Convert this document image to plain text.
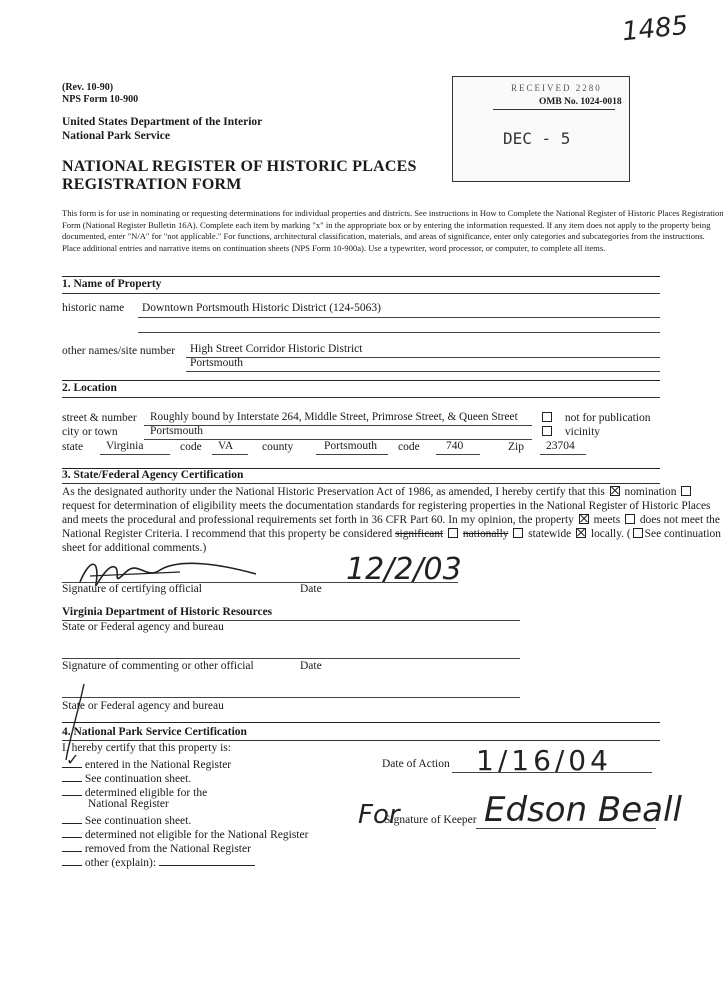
1485
(Rev. 10-90)
NPS Form 10-900
United States Department of the Interior
National Park Service
NATIONAL REGISTER OF HISTORIC PLACES
REGISTRATION FORM
RECEIVED 2280
OMB No. 1024-0018
DEC - 5
This form is for use in nominating or requesting determinations for individual properties and districts. See instructions in How to Complete the National Register of Historic Places Registration Form (National Register Bulletin 16A). Complete each item by marking "x" in the appropriate box or by entering the information requested. If any item does not apply to the property being documented, enter "N/A" for "not applicable." For functions, architectural classification, materials, and areas of significance, enter only categories and subcategories from the instructions. Place additional entries and narrative items on continuation sheets (NPS Form 10-900a). Use a typewriter, word processor, or computer, to complete all items.
1. Name of Property
historic name Downtown Portsmouth Historic District (124-5063)
other names/site number High Street Corridor Historic District
Portsmouth
2. Location
street & number Roughly bound by Interstate 264, Middle Street, Primrose Street, & Queen Street	not for publication
city or town	Portsmouth	vicinity
state Virginia	code VA	county	Portsmouth code 740	Zip 23704
3. State/Federal Agency Certification
As the designated authority under the National Historic Preservation Act of 1986, as amended, I hereby certify that this nomination  request for determination of eligibility meets the documentation standards for registering properties in the National Register of Historic Places and meets the procedural and professional requirements set forth in 36 CFR Part 60. In my opinion, the property meets does not meet the National Register Criteria. I recommend that this property be considered significant nationally statewide locally. ( See continuation sheet for additional comments.)
12/2/03
Signature of certifying official	Date
Virginia Department of Historic Resources
State or Federal agency and bureau
Signature of commenting or other official	Date
State or Federal agency and bureau
4. National Park Service Certification
I, hereby certify that this property is:
✓ entered in the National Register
See continuation sheet.
determined eligible for the
National Register
See continuation sheet.
determined not eligible for the National Register
removed from the National Register
other (explain):
Date of Action 1/16/04
For
Signature of Keeper Edson Beall
